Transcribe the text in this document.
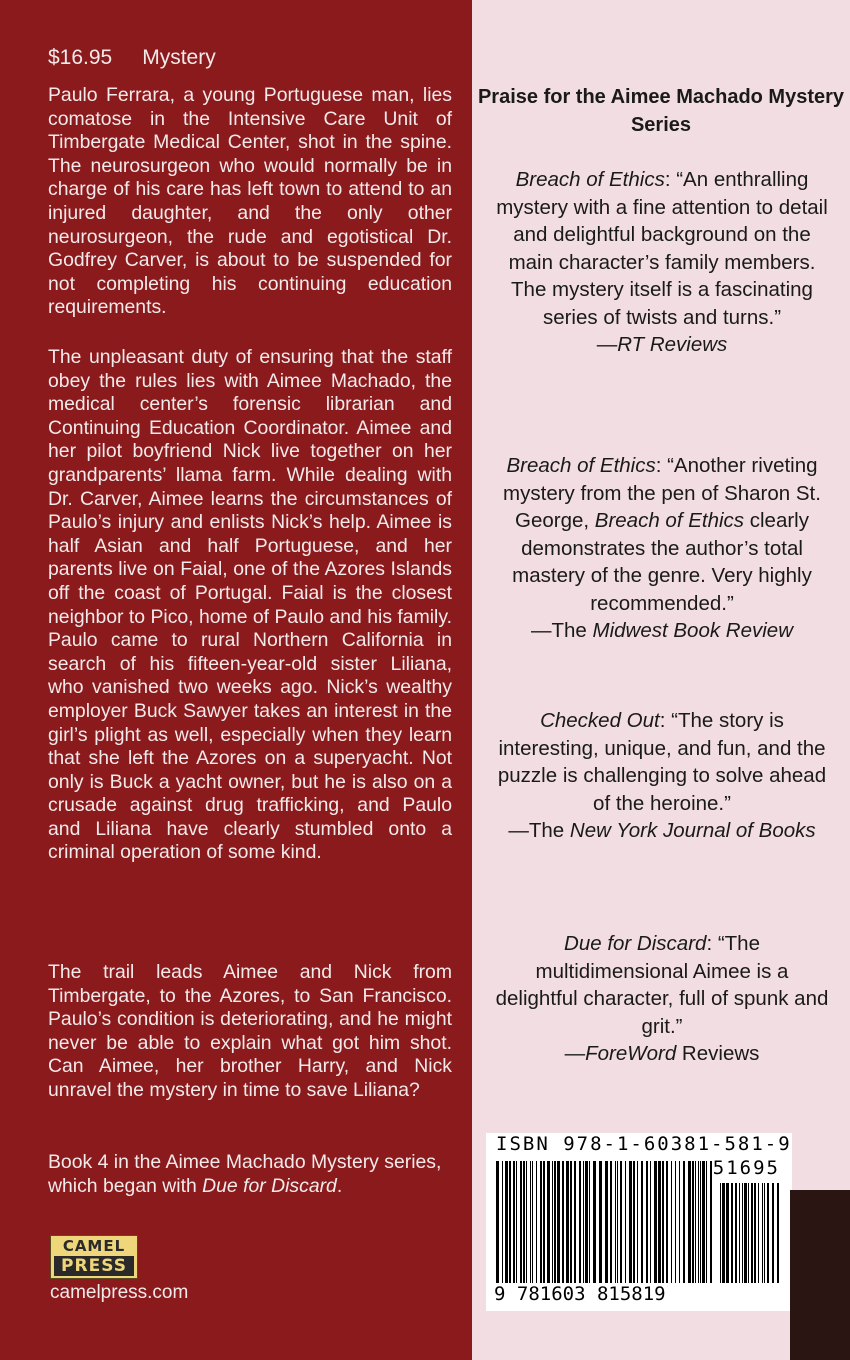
$16.95 Mystery

Paulo Ferrara, a young Portuguese man, lies comatose in the Intensive Care Unit of Timbergate Medical Center, shot in the spine. The neurosurgeon who would normally be in charge of his care has left town to attend to an injured daughter, and the only other neurosurgeon, the rude and egotistical Dr. Godfrey Carver, is about to be suspended for not completing his continuing education requirements.

The unpleasant duty of ensuring that the staff obey the rules lies with Aimee Machado, the medical center’s forensic librarian and Continuing Education Coordinator. Aimee and her pilot boyfriend Nick live together on her grandparents’ llama farm. While dealing with Dr. Carver, Aimee learns the circumstances of Paulo’s injury and enlists Nick’s help. Aimee is half Asian and half Portuguese, and her parents live on Faial, one of the Azores Islands off the coast of Portugal. Faial is the closest neighbor to Pico, home of Paulo and his family. Paulo came to rural Northern California in search of his fifteen-year-old sister Liliana, who vanished two weeks ago. Nick’s wealthy employer Buck Sawyer takes an interest in the girl’s plight as well, especially when they learn that she left the Azores on a superyacht. Not only is Buck a yacht owner, but he is also on a crusade against drug trafficking, and Paulo and Liliana have clearly stumbled onto a criminal operation of some kind.

The trail leads Aimee and Nick from Timbergate, to the Azores, to San Francisco. Paulo’s condition is deteriorating, and he might never be able to explain what got him shot. Can Aimee, her brother Harry, and Nick unravel the mystery in time to save Liliana?

Book 4 in the Aimee Machado Mystery series, which began with Due for Discard.

CAMEL
PRESS
camelpress.com

Praise for the Aimee Machado Mystery Series

Breach of Ethics: “An enthralling mystery with a fine attention to detail and delightful background on the main character’s family members. The mystery itself is a fascinating series of twists and turns.”
—RT Reviews

Breach of Ethics: “Another riveting mystery from the pen of Sharon St. George, Breach of Ethics clearly demonstrates the author’s total mastery of the genre. Very highly recommended.”
—The Midwest Book Review

Checked Out: “The story is interesting, unique, and fun, and the puzzle is challenging to solve ahead of the heroine.”
—The New York Journal of Books

Due for Discard: “The multidimensional Aimee is a delightful character, full of spunk and grit.”
—ForeWord Reviews

ISBN 978-1-60381-581-9
51695
9 781603 815819
